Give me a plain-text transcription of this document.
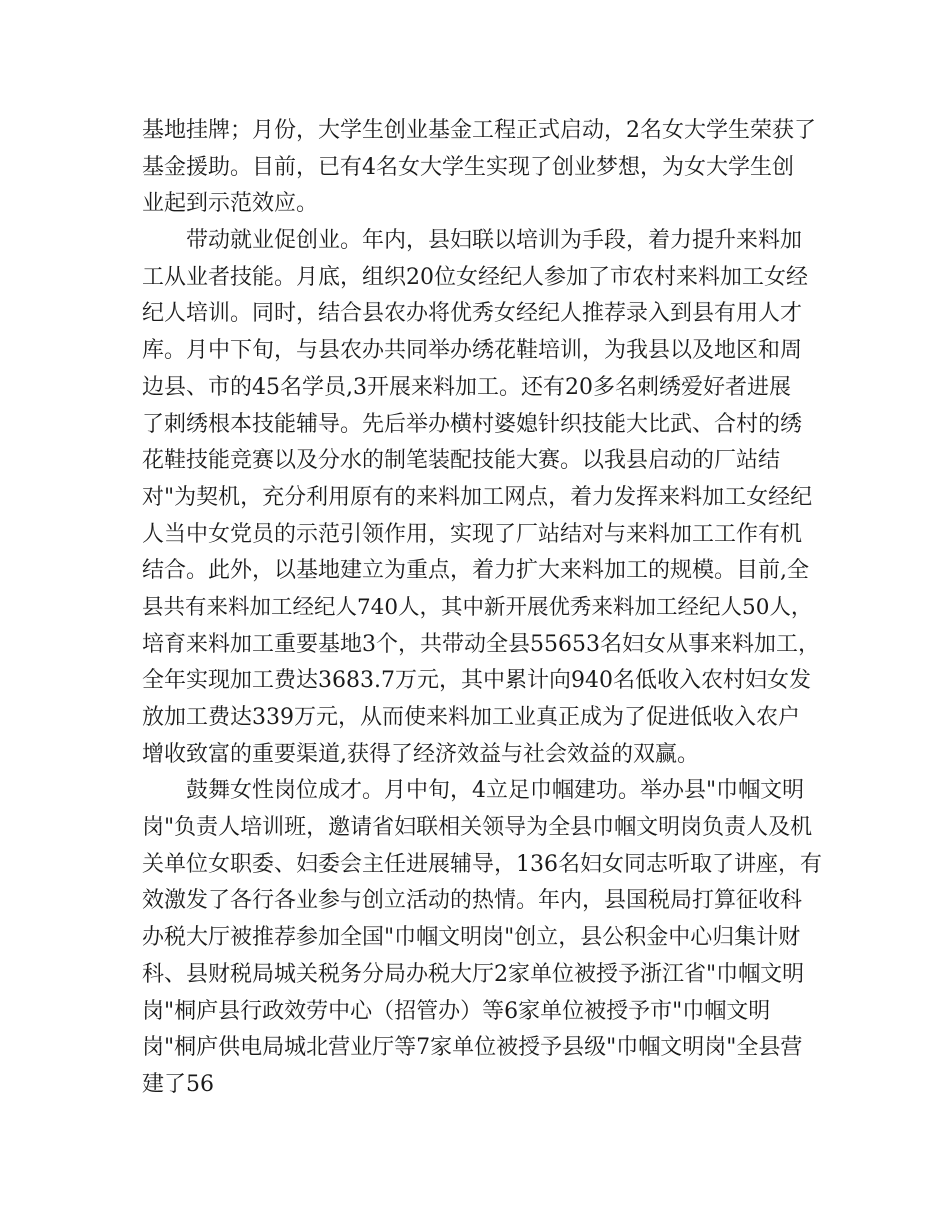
基地挂牌；月份，大学生创业基金工程正式启动，2名女大学生荣获了
基金援助。目前，已有4名女大学生实现了创业梦想，为女大学生创
业起到示范效应。
带动就业促创业。年内，县妇联以培训为手段，着力提升来料加
工从业者技能。月底，组织20位女经纪人参加了市农村来料加工女经
纪人培训。同时，结合县农办将优秀女经纪人推荐录入到县有用人才
库。月中下旬，与县农办共同举办绣花鞋培训，为我县以及地区和周
边县、市的45名学员,3开展来料加工。还有20多名刺绣爱好者进展
了刺绣根本技能辅导。先后举办横村婆媳针织技能大比武、合村的绣
花鞋技能竞赛以及分水的制笔装配技能大赛。以我县启动的厂站结
对"为契机，充分利用原有的来料加工网点，着力发挥来料加工女经纪
人当中女党员的示范引领作用，实现了厂站结对与来料加工工作有机
结合。此外，以基地建立为重点，着力扩大来料加工的规模。目前,全
县共有来料加工经纪人740人，其中新开展优秀来料加工经纪人50人，
培育来料加工重要基地3个，共带动全县55653名妇女从事来料加工，
全年实现加工费达3683.7万元，其中累计向940名低收入农村妇女发
放加工费达339万元，从而使来料加工业真正成为了促进低收入农户
增收致富的重要渠道,获得了经济效益与社会效益的双赢。
鼓舞女性岗位成才。月中旬，4立足巾帼建功。举办县"巾帼文明
岗"负责人培训班，邀请省妇联相关领导为全县巾帼文明岗负责人及机
关单位女职委、妇委会主任进展辅导，136名妇女同志听取了讲座，有
效激发了各行各业参与创立活动的热情。年内，县国税局打算征收科
办税大厅被推荐参加全国"巾帼文明岗"创立，县公积金中心归集计财
科、县财税局城关税务分局办税大厅2家单位被授予浙江省"巾帼文明
岗"桐庐县行政效劳中心（招管办）等6家单位被授予市"巾帼文明
岗"桐庐供电局城北营业厅等7家单位被授予县级"巾帼文明岗"全县营
建了56
